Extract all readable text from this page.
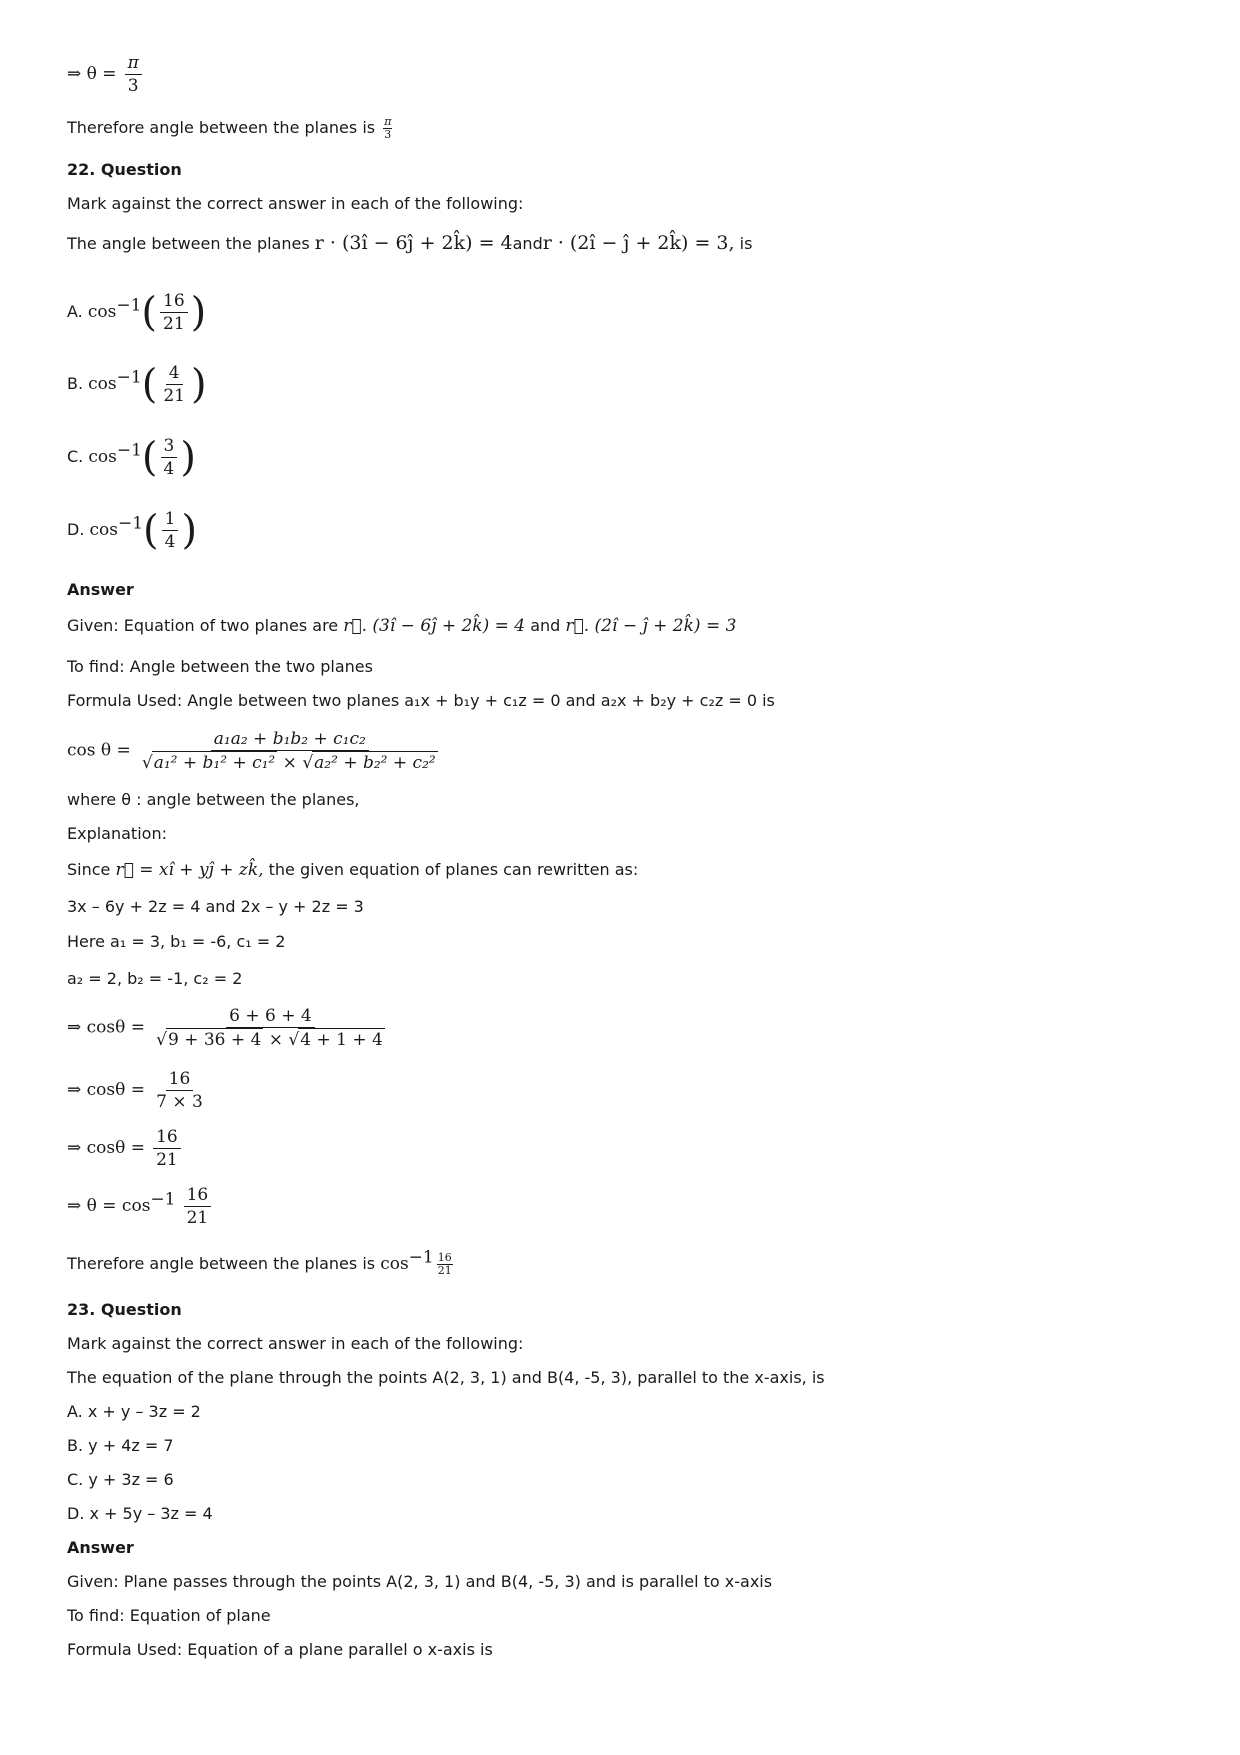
⇒ $\theta = \frac{\pi}{3}$
Therefore angle between the planes is $\frac{\pi}{3}$
22. Question
Mark against the correct answer in each of the following:
The angle between the planes r · (3î − 6ĵ + 2k̂) = 4andr · (2î − ĵ + 2k̂) = 3, is
A. $\cos^{-1}( \frac{16}{21}$ )
B. $\cos^{-1}( \frac{4}{21}$ )
C. $\cos^{-1}( \frac{3}{4}$ )
D. $\cos^{-1}( \frac{1}{4}$ )
Answer
Given: Equation of two planes are r⃗. (3î − 6ĵ + 2k̂) = 4 and r⃗. (2î − ĵ + 2k̂) = 3
To find: Angle between the two planes
Formula Used: Angle between two planes a₁x + b₁y + c₁z = 0 and a₂x + b₂y + c₂z = 0 is
$\cos \theta = \frac{\text{a₁a₂ + b₁b₂ + c₁c₂}}{\text{√a₁² + b₁² + c₁² × √a₂² + b₂² + c₂²}}$
where θ : angle between the planes,
Explanation:
Since r⃗ = xî + yĵ + zk̂, the given equation of planes can rewritten as:
3x – 6y + 2z = 4 and 2x – y + 2z = 3
Here a₁ = 3, b₁ = -6, c₁ = 2
a₂ = 2, b₂ = -1, c₂ = 2
⇒ $\cos\theta = \frac{6 + 6 + 4}{√9 + 36 + 4 \times √4 + 1 + 4}$
⇒ $\cos\theta = \frac{16}{7 \times 3}$
⇒ $\cos\theta = \frac{16}{21}$
⇒ $\theta = \cos^{-1} \frac{16}{21}$
Therefore angle between the planes is $\cos^{-1} \frac{16}{21}$
23. Question
Mark against the correct answer in each of the following:
The equation of the plane through the points A(2, 3, 1) and B(4, -5, 3), parallel to the x-axis, is
A. x + y – 3z = 2
B. y + 4z = 7
C. y + 3z = 6
D. x + 5y – 3z = 4
Answer
Given: Plane passes through the points A(2, 3, 1) and B(4, -5, 3) and is parallel to x-axis
To find: Equation of plane
Formula Used: Equation of a plane parallel o x-axis is
